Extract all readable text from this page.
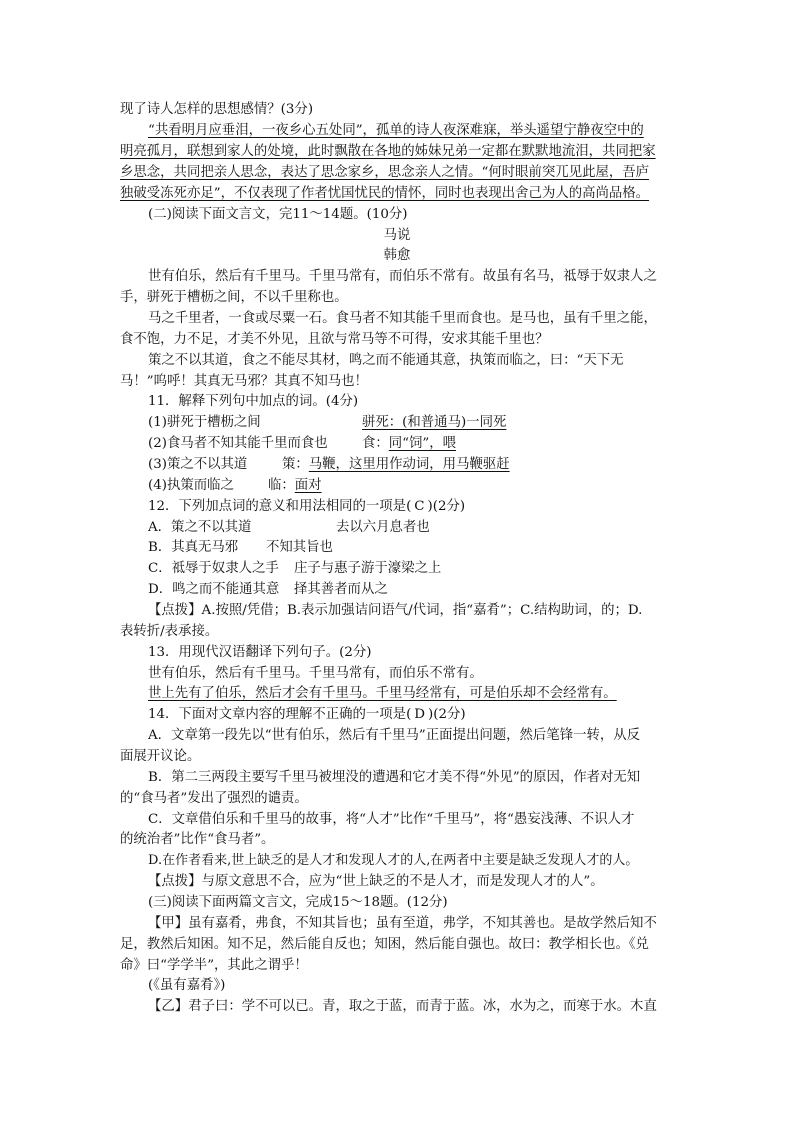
现了诗人怎样的思想感情？(3分)
“共看明月应垂泪，一夜乡心五处同”，孤单的诗人夜深难寐，举头遥望宁静夜空中的
明亮孤月，联想到家人的处境，此时飘散在各地的姊妹兄弟一定都在默默地流泪，共同把家
乡思念，共同把亲人思念，表达了思念家乡，思念亲人之情。“何时眼前突兀见此屋，吾庐
独破受冻死亦足”，不仅表现了作者忧国忧民的情怀，同时也表现出舍己为人的高尚品格。
(二)阅读下面文言文，完11～14题。(10分)
马说
韩愈
世有伯乐，然后有千里马。千里马常有，而伯乐不常有。故虽有名马，祗辱于奴隶人之
手，骈死于槽枥之间，不以千里称也。
马之千里者，一食或尽粟一石。食马者不知其能千里而食也。是马也，虽有千里之能，
食不饱，力不足，才美不外见，且欲与常马等不可得，安求其能千里也？
策之不以其道，食之不能尽其材，鸣之而不能通其意，执策而临之，曰：“天下无
马！”呜呼！其真无马邪？其真不知马也！
11．解释下列句中加点的词。(4分)
(1)骈死于槽枥之间	骈死：(和普通马)一同死
(2)食马者不知其能千里而食也	食：同“饲”，喂
(3)策之不以其道	策：马鞭，这里用作动词，用马鞭驱赶
(4)执策而临之	临：面对
12．下列加点词的意义和用法相同的一项是( C )(2分)
A．策之不以其道	去以六月息者也
B．其真无马邪	不知其旨也
C．祗辱于奴隶人之手	庄子与惠子游于濠梁之上
D．鸣之而不能通其意	择其善者而从之
【点拨】A.按照/凭借；B.表示加强诘问语气/代词，指“嘉肴”；C.结构助词，的；D.
表转折/表承接。
13．用现代汉语翻译下列句子。(2分)
世有伯乐，然后有千里马。千里马常有，而伯乐不常有。
世上先有了伯乐，然后才会有千里马。千里马经常有，可是伯乐却不会经常有。
14．下面对文章内容的理解不正确的一项是( D )(2分)
A．文章第一段先以“世有伯乐，然后有千里马”正面提出问题，然后笔锋一转，从反
面展开议论。
B．第二三两段主要写千里马被埋没的遭遇和它才美不得“外见”的原因，作者对无知
的“食马者”发出了强烈的谴责。
C．文章借伯乐和千里马的故事，将“人才”比作“千里马”，将“愚妄浅薄、不识人才
的统治者”比作“食马者”。
D.在作者看来,世上缺乏的是人才和发现人才的人,在两者中主要是缺乏发现人才的人。
【点拨】与原文意思不合，应为“世上缺乏的不是人才，而是发现人才的人”。
(三)阅读下面两篇文言文，完成15～18题。(12分)
【甲】虽有嘉肴，弗食，不知其旨也；虽有至道，弗学，不知其善也。是故学然后知不
足，教然后知困。知不足，然后能自反也；知困，然后能自强也。故曰：教学相长也。《兑
命》曰“学学半”，其此之谓乎！
(《虽有嘉肴》)
【乙】君子曰：学不可以已。青，取之于蓝，而青于蓝。冰，水为之，而寒于水。木直
